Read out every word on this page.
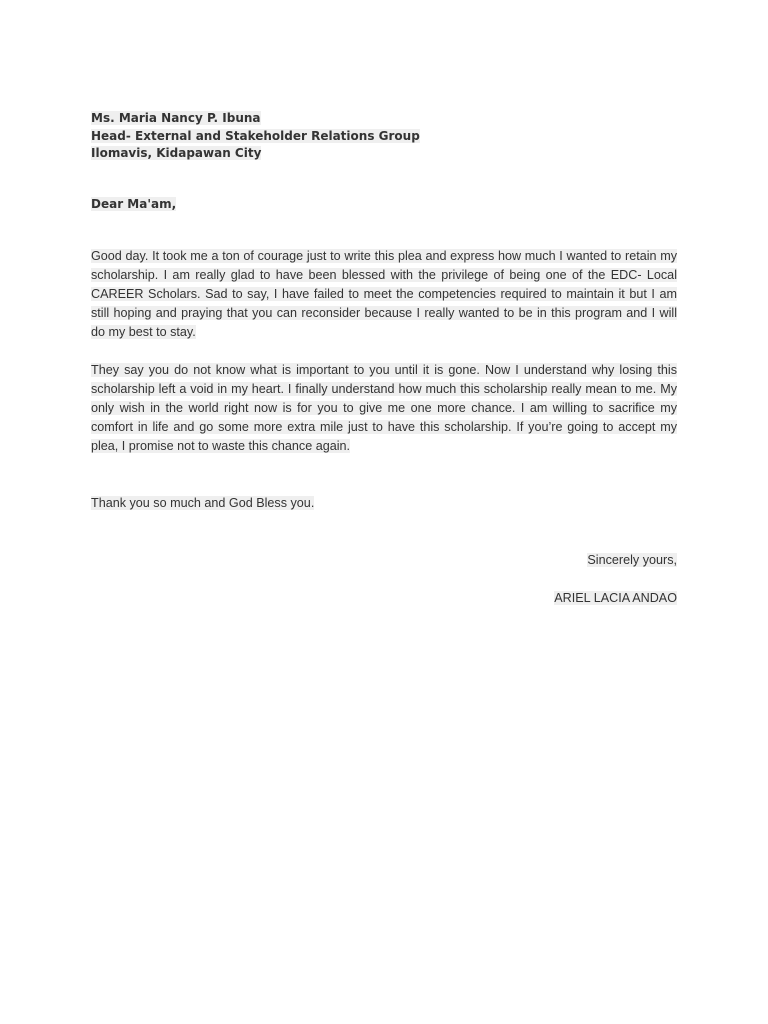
Ms. Maria Nancy P. Ibuna
Head- External and Stakeholder Relations Group
Ilomavis, Kidapawan City
Dear Ma'am,
Good day. It took me a ton of courage just to write this plea and express how much I wanted to retain my scholarship. I am really glad to have been blessed with the privilege of being one of the EDC- Local CAREER Scholars. Sad to say, I have failed to meet the competencies required to maintain it but I am still hoping and praying that you can reconsider because I really wanted to be in this program and I will do my best to stay.
They say you do not know what is important to you until it is gone. Now I understand why losing this scholarship left a void in my heart. I finally understand how much this scholarship really mean to me. My only wish in the world right now is for you to give me one more chance. I am willing to sacrifice my comfort in life and go some more extra mile just to have this scholarship. If you’re going to accept my plea, I promise not to waste this chance again.
Thank you so much and God Bless you.
Sincerely yours,
ARIEL LACIA ANDAO
